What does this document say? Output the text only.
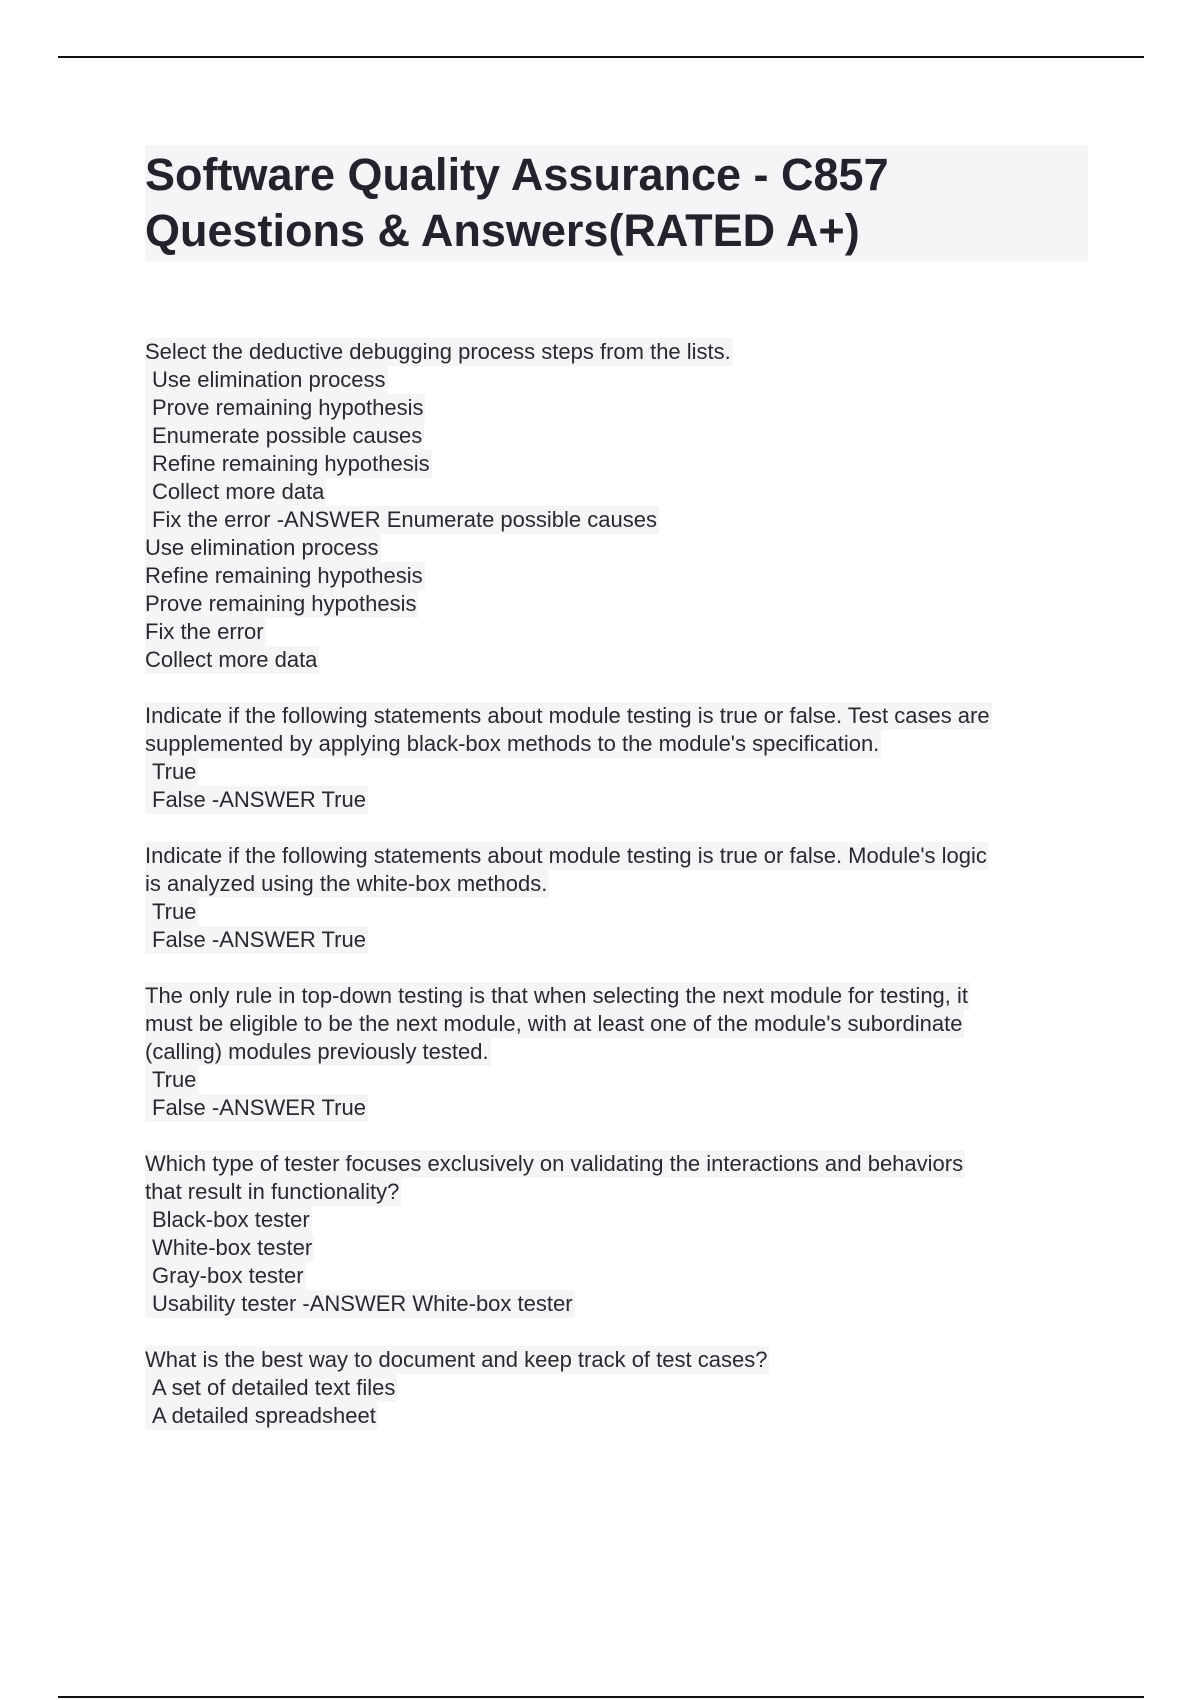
Software Quality Assurance - C857
Questions & Answers(RATED A+)
Select the deductive debugging process steps from the lists.
Use elimination process
Prove remaining hypothesis
Enumerate possible causes
Refine remaining hypothesis
Collect more data
Fix the error -ANSWER Enumerate possible causes
Use elimination process
Refine remaining hypothesis
Prove remaining hypothesis
Fix the error
Collect more data
Indicate if the following statements about module testing is true or false. Test cases are
supplemented by applying black-box methods to the module's specification.
True
False -ANSWER True
Indicate if the following statements about module testing is true or false. Module's logic
is analyzed using the white-box methods.
True
False -ANSWER True
The only rule in top-down testing is that when selecting the next module for testing, it
must be eligible to be the next module, with at least one of the module's subordinate
(calling) modules previously tested.
True
False -ANSWER True
Which type of tester focuses exclusively on validating the interactions and behaviors
that result in functionality?
Black-box tester
White-box tester
Gray-box tester
Usability tester -ANSWER White-box tester
What is the best way to document and keep track of test cases?
A set of detailed text files
A detailed spreadsheet
